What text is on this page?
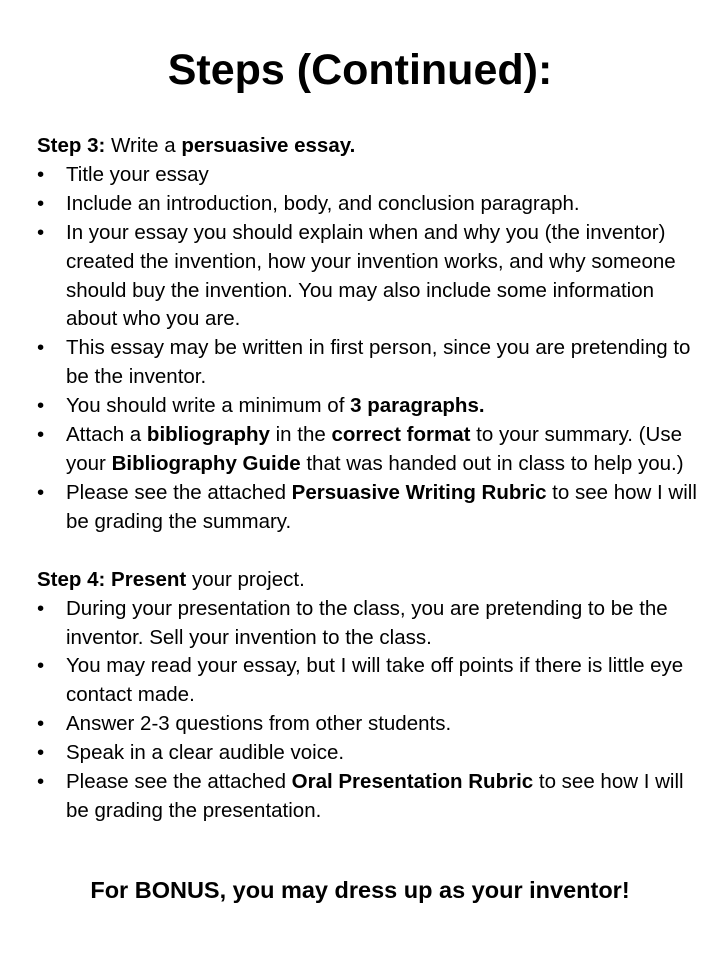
Steps (Continued):

Step 3: Write a persuasive essay.

• Title your essay
• Include an introduction, body, and conclusion paragraph.
• In your essay you should explain when and why you (the inventor) created the invention, how your invention works, and why someone should buy the invention. You may also include some information about who you are.
• This essay may be written in first person, since you are pretending to be the inventor.
• You should write a minimum of 3 paragraphs.
• Attach a bibliography in the correct format to your summary. (Use your Bibliography Guide that was handed out in class to help you.)
• Please see the attached Persuasive Writing Rubric to see how I will be grading the summary.

Step 4: Present your project.

• During your presentation to the class, you are pretending to be the inventor. Sell your invention to the class.
• You may read your essay, but I will take off points if there is little eye contact made.
• Answer 2-3 questions from other students.
• Speak in a clear audible voice.
• Please see the attached Oral Presentation Rubric to see how I will be grading the presentation.

For BONUS, you may dress up as your inventor!
